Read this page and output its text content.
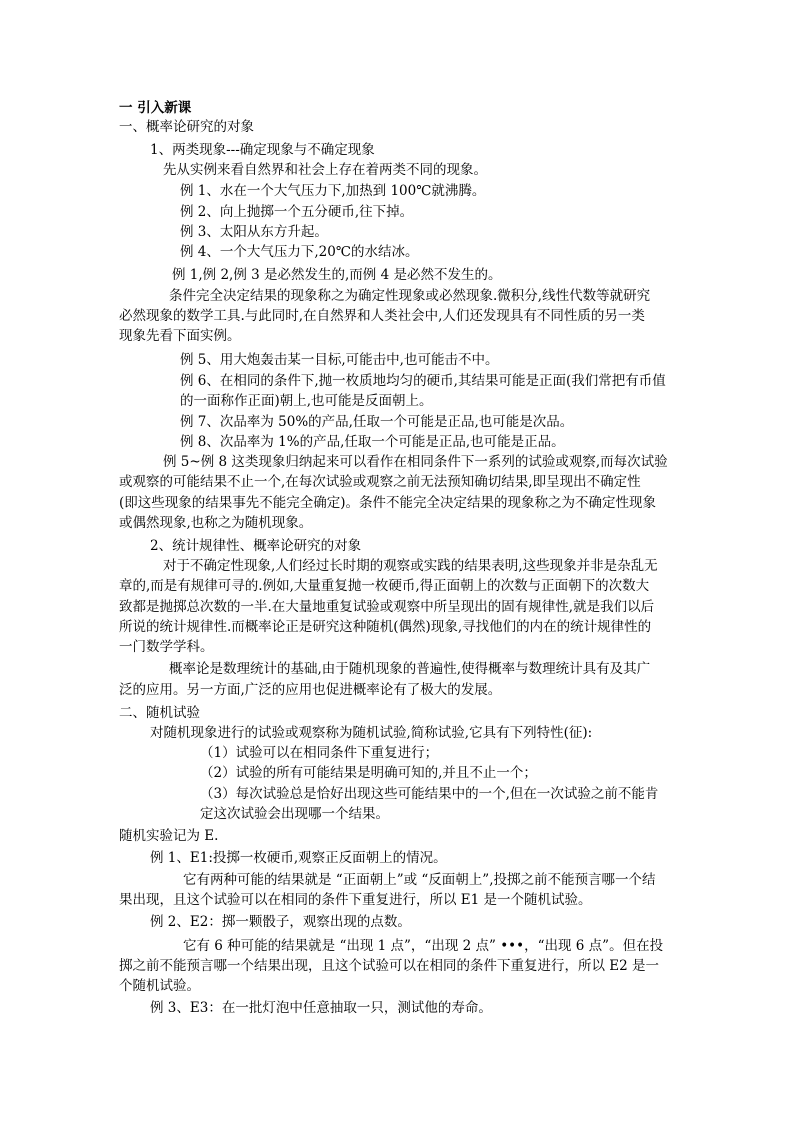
一 引入新课
一、概率论研究的对象
1、两类现象---确定现象与不确定现象
先从实例来看自然界和社会上存在着两类不同的现象。
例 1、水在一个大气压力下,加热到 100℃就沸腾。
例 2、向上抛掷一个五分硬币,往下掉。
例 3、太阳从东方升起。
例 4、一个大气压力下,20℃的水结冰。
例 1,例 2,例 3 是必然发生的,而例 4 是必然不发生的。
条件完全决定结果的现象称之为确定性现象或必然现象.微积分,线性代数等就研究
必然现象的数学工具.与此同时,在自然界和人类社会中,人们还发现具有不同性质的另一类
现象先看下面实例。
例 5、用大炮轰击某一目标,可能击中,也可能击不中。
例 6、在相同的条件下,抛一枚质地均匀的硬币,其结果可能是正面(我们常把有币值
的一面称作正面)朝上,也可能是反面朝上。
例 7、次品率为 50%的产品,任取一个可能是正品,也可能是次品。
例 8、次品率为 1%的产品,任取一个可能是正品,也可能是正品。
例 5~例 8 这类现象归纳起来可以看作在相同条件下一系列的试验或观察,而每次试验
或观察的可能结果不止一个,在每次试验或观察之前无法预知确切结果,即呈现出不确定性
(即这些现象的结果事先不能完全确定)。条件不能完全决定结果的现象称之为不确定性现象
或偶然现象,也称之为随机现象。
2、统计规律性、概率论研究的对象
对于不确定性现象,人们经过长时期的观察或实践的结果表明,这些现象并非是杂乱无
章的,而是有规律可寻的.例如,大量重复抛一枚硬币,得正面朝上的次数与正面朝下的次数大
致都是抛掷总次数的一半.在大量地重复试验或观察中所呈现出的固有规律性,就是我们以后
所说的统计规律性.而概率论正是研究这种随机(偶然)现象,寻找他们的内在的统计规律性的
一门数学学科。
概率论是数理统计的基础,由于随机现象的普遍性,使得概率与数理统计具有及其广
泛的应用。另一方面,广泛的应用也促进概率论有了极大的发展。
二、随机试验
对随机现象进行的试验或观察称为随机试验,简称试验,它具有下列特性(征):
（1）试验可以在相同条件下重复进行；
（2）试验的所有可能结果是明确可知的,并且不止一个；
（3）每次试验总是恰好出现这些可能结果中的一个,但在一次试验之前不能肯
定这次试验会出现哪一个结果。
随机实验记为 E.
例 1、E1:投掷一枚硬币,观察正反面朝上的情况。
它有两种可能的结果就是 “正面朝上”或 “反面朝上”,投掷之前不能预言哪一个结
果出现，且这个试验可以在相同的条件下重复进行，所以 E1 是一个随机试验。
例 2、E2：掷一颗骰子，观察出现的点数。
它有 6 种可能的结果就是 “出现 1 点”，“出现 2 点” •••，“出现 6 点”。但在投
掷之前不能预言哪一个结果出现，且这个试验可以在相同的条件下重复进行，所以 E2 是一
个随机试验。
例 3、E3：在一批灯泡中任意抽取一只，测试他的寿命。
